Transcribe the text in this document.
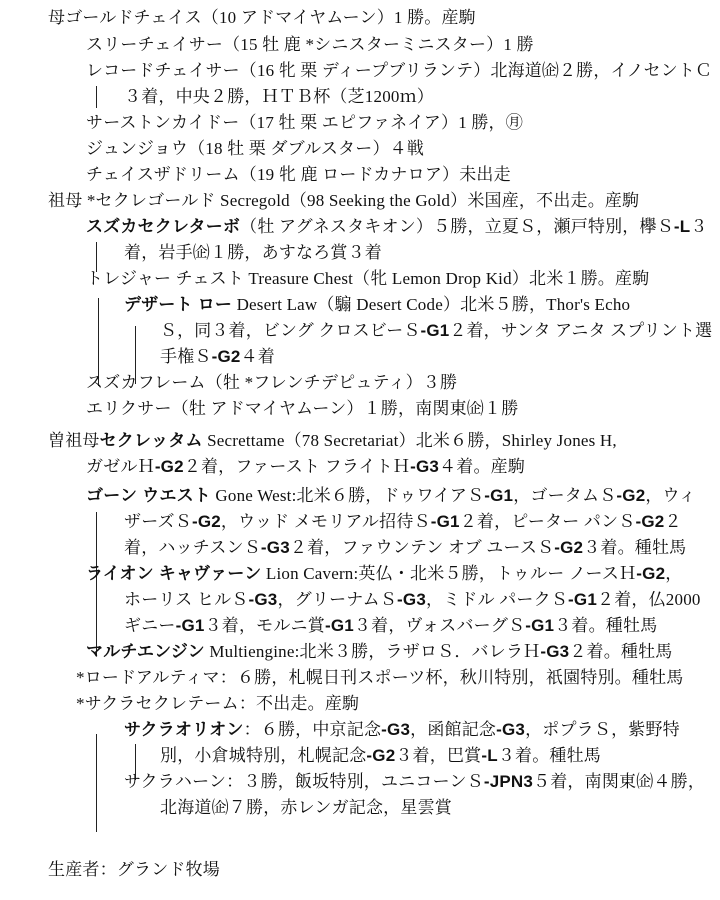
母ゴールドチェイス（10 アドマイヤムーン）1 勝。産駒
スリーチェイサー（15 牡 鹿 *シニスターミニスター）1 勝
レコードチェイサー（16 牝 栗 ディープブリランテ）北海道㈽２勝，イノセントＣ
３着，中央２勝，ＨＴＢ杯（芝1200ｍ）
サーストンカイドー（17 牡 栗 エピファネイア）1 勝，㊊
ジュンジョウ（18 牡 栗 ダブルスター）４戦
チェイスザドリーム（19 牝 鹿 ロードカナロア）未出走
祖母 *セクレゴールド Secregold（98 Seeking the Gold）米国産，不出走。産駒
スズカセクレターボ（牡 アグネスタキオン）５勝，立夏Ｓ，瀬戸特別，欅Ｓ-L３
着，岩手㈽１勝，あすなろ賞３着
トレジャー チェスト Treasure Chest（牝 Lemon Drop Kid）北米１勝。産駒
デザート ロー Desert Law（騸 Desert Code）北米５勝，Thor's Echo
Ｓ，同３着，ビング クロスビーＳ-G1２着，サンタ アニタ スプリント選
手権Ｓ-G2４着
スズカフレーム（牡 *フレンチデピュティ）３勝
エリクサー（牡 アドマイヤムーン）１勝，南関東㈽１勝
曽祖母セクレッタム Secrettame（78 Secretariat）北米６勝，Shirley Jones H,
ガゼルＨ-G2２着，ファースト フライトＨ-G3４着。産駒
ゴーン ウエスト Gone West:北米６勝，ドゥワイアＳ-G1，ゴータムＳ-G2，ウィ
ザーズＳ-G2，ウッド メモリアル招待Ｓ-G1２着，ピーター パンＳ-G2２
着，ハッチスンＳ-G3２着，ファウンテン オブ ユースＳ-G2３着。種牡馬
ライオン キャヴァーン Lion Cavern:英仏・北米５勝，トゥルー ノースＨ-G2，
ホーリス ヒルＳ-G3，グリーナムＳ-G3，ミドル パークＳ-G1２着，仏2000
ギニー-G1３着，モルニ賞-G1３着，ヴォスバーグＳ-G1３着。種牡馬
マルチエンジン Multiengine:北米３勝，ラザロＳ．バレラＨ-G3２着。種牡馬
*ロードアルティマ：６勝，札幌日刊スポーツ杯，秋川特別，祇園特別。種牡馬
*サクラセクレテーム：不出走。産駒
サクラオリオン：６勝，中京記念-G3，函館記念-G3，ポプラＳ，紫野特
別，小倉城特別，札幌記念-G2３着，巴賞-L３着。種牡馬
サクラハーン：３勝，飯坂特別，ユニコーンＳ-JPN3５着，南関東㈽４勝，
北海道㈽７勝，赤レンガ記念，星雲賞
生産者：グランド牧場
